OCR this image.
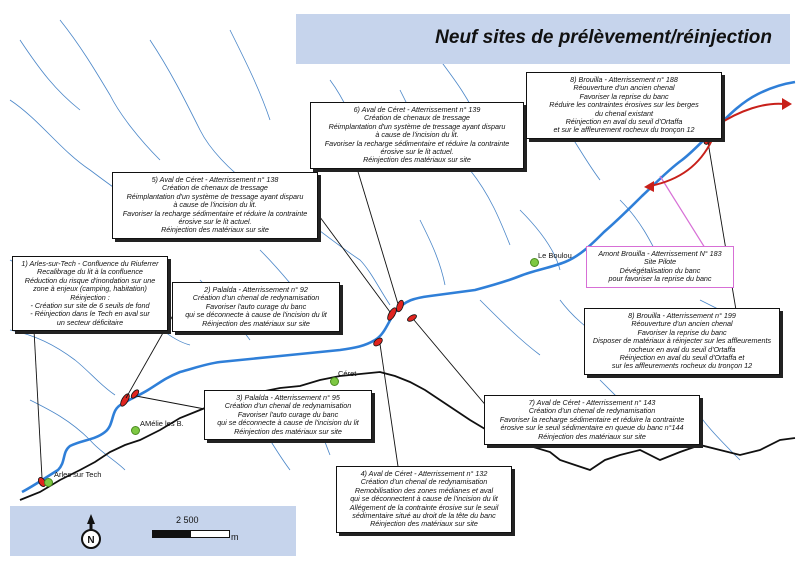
Neuf sites de prélèvement/réinjection
Arles sur Tech
AMélie les B.
Céret
Le Boulou
1) Arles-sur-Tech - Confluence du Riuferrer
Recalibrage du lit à la confluence
Réduction du risque d'inondation sur une
zone à enjeux (camping, habitation)
Réinjection :
- Création sur site de 6 seuils de fond
- Réinjection dans le Tech en aval sur
un secteur déficitaire
2) Palalda - Atterrissement n° 92
Création d'un chenal de redynamisation
Favoriser l'auto curage du banc
qui se déconnecte à cause de l'incision du lit
Réinjection des matériaux sur site
3) Palalda - Atterrissement n° 95
Création d'un chenal de redynamisation
Favoriser l'auto curage du banc
qui se déconnecte à cause de l'incision du lit
Réinjection des matériaux sur site
4) Aval de Céret - Atterrissement n° 132
Création d'un chenal de redynamisation
Remobilisation des zones médianes et aval
qui se déconnectent à cause de l'incision du lit
Allégement de la contrainte érosive sur le seuil
sédimentaire situé au droit de la tête du banc
Réinjection des matériaux sur site
5) Aval de Céret - Atterrissement n° 138
Création de chenaux de tressage
Réimplantation d'un système de tressage ayant disparu
à cause de l'incision du lit.
Favoriser la recharge sédimentaire et réduire la contrainte
érosive sur le lit actuel.
Réinjection des matériaux sur site
6) Aval de Céret - Atterrissement n° 139
Création de chenaux de tressage
Réimplantation d'un système de tressage ayant disparu
à cause de l'incision du lit.
Favoriser la recharge sédimentaire et réduire la contrainte
érosive sur le lit actuel.
Réinjection des matériaux sur site
7) Aval de Céret - Atterrissement n° 143
Création d'un chenal de redynamisation
Favoriser la recharge sédimentaire et réduire la contrainte
érosive sur le seuil sédimentaire en queue du banc n°144
Réinjection des matériaux sur site
8) Brouilla - Atterrissement n° 188
Réouverture d'un ancien chenal
Favoriser la reprise du banc
Réduire les contraintes érosives sur les berges
du chenal existant
Réinjection en aval du seuil d'Ortaffa
et sur le affleurement rocheux du tronçon 12
8) Brouilla - Atterrissement n° 199
Réouverture d'un ancien chenal
Favoriser la reprise du banc
Disposer de matériaux à réinjecter sur les affleurements
rocheux en aval du seuil d'Ortaffa
Réinjection en aval du seuil d'Ortaffa et
sur les affleurements rocheux du tronçon 12
Amont Brouilla - Atterrissement N° 183
Site Pilote
Dévégétalisation du banc
pour favoriser la reprise du banc
N
2 500
m
